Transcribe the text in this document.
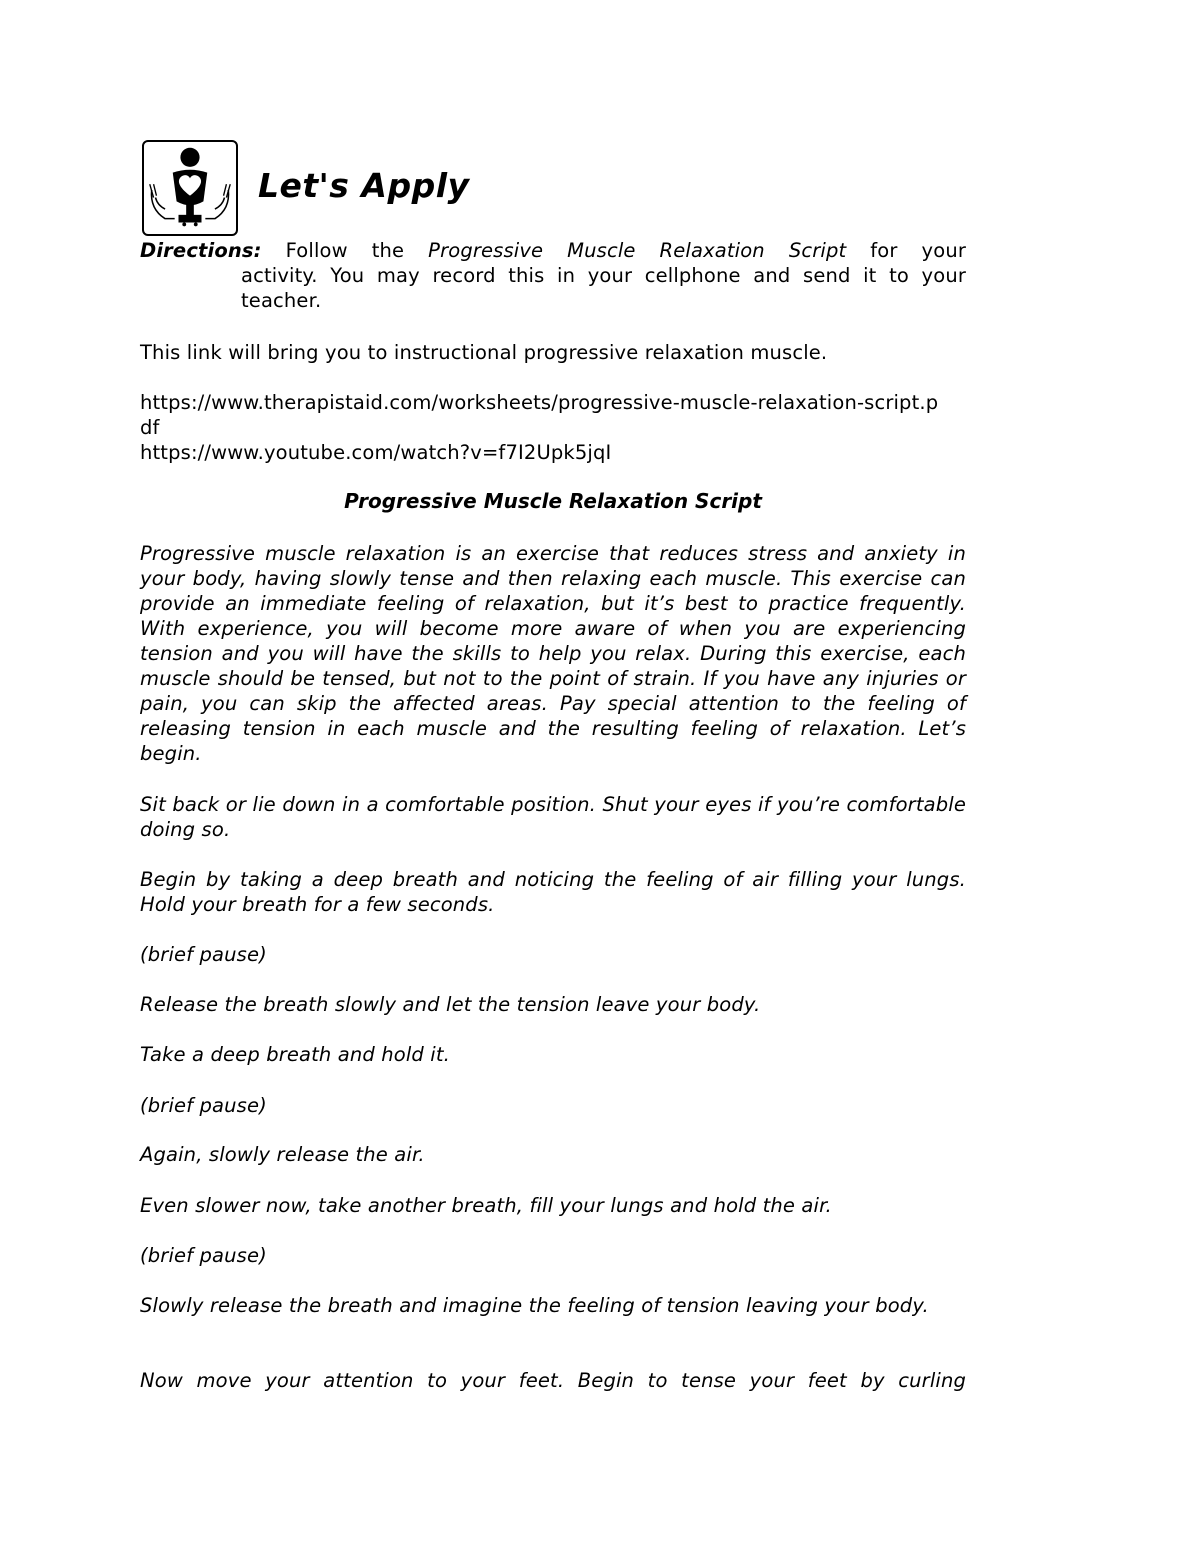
Let's Apply
Directions: Follow the Progressive Muscle Relaxation Script for your
activity. You may record this in your cellphone and send it to your teacher.

This link will bring you to instructional progressive relaxation muscle.

https://www.therapistaid.com/worksheets/progressive-muscle-relaxation-script.pdf

https://www.youtube.com/watch?v=f7I2Upk5jqI

Progressive Muscle Relaxation Script

Progressive muscle relaxation is an exercise that reduces stress and anxiety in your body, having slowly tense and then relaxing each muscle. This exercise can provide an immediate feeling of relaxation, but it’s best to practice frequently. With experience, you will become more aware of when you are experiencing tension and you will have the skills to help you relax. During this exercise, each muscle should be tensed, but not to the point of strain. If you have any injuries or pain, you can skip the affected areas. Pay special attention to the feeling of releasing tension in each muscle and the resulting feeling of relaxation. Let’s begin.

Sit back or lie down in a comfortable position. Shut your eyes if you’re comfortable doing so.

Begin by taking a deep breath and noticing the feeling of air filling your lungs. Hold your breath for a few seconds.

(brief pause)

Release the breath slowly and let the tension leave your body.

Take a deep breath and hold it.

(brief pause)

Again, slowly release the air.

Even slower now, take another breath, fill your lungs and hold the air.

(brief pause)

Slowly release the breath and imagine the feeling of tension leaving your body.

Now move your attention to your feet. Begin to tense your feet by curling
